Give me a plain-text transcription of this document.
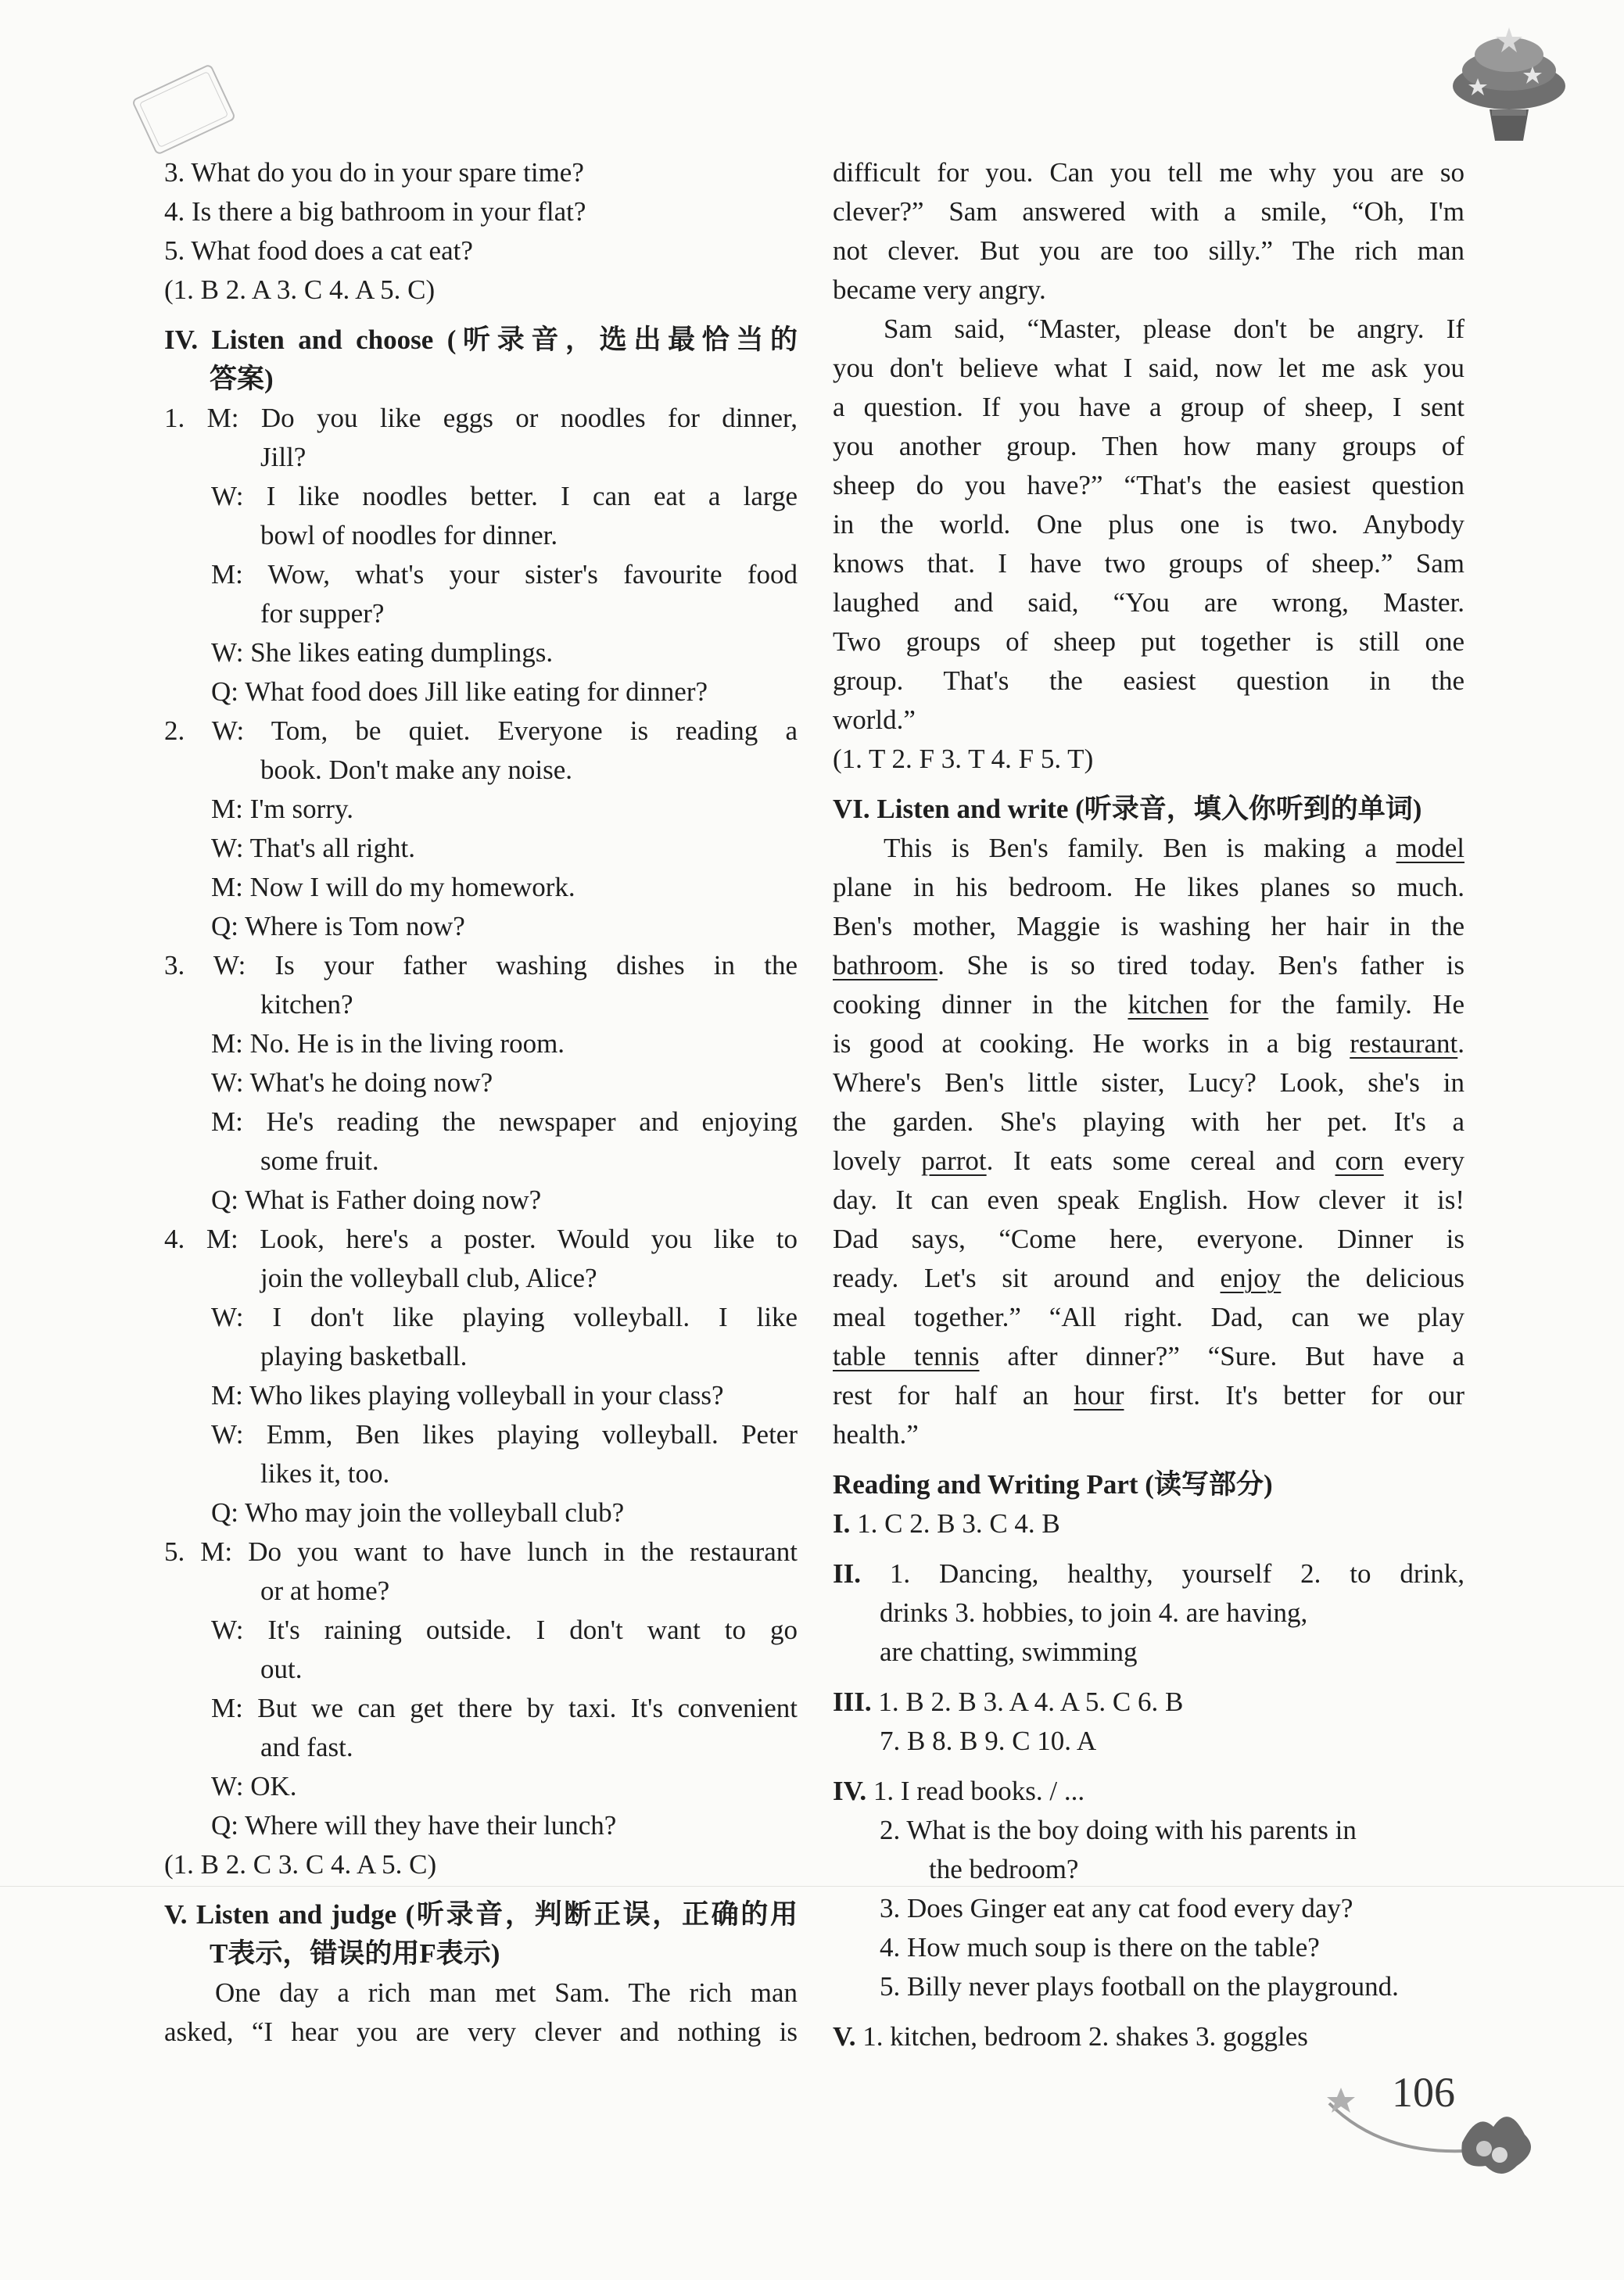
106
3. What do you do in your spare time?
4. Is there a big bathroom in your flat?
5. What food does a cat eat?
(1. B 2. A 3. C 4. A 5. C)
IV. Listen and choose (听录音，选出最恰当的
答案)
1. M: Do you like eggs or noodles for dinner,
Jill?
W: I like noodles better. I can eat a large
bowl of noodles for dinner.
M: Wow, what's your sister's favourite food
for supper?
W: She likes eating dumplings.
Q: What food does Jill like eating for dinner?
2. W: Tom, be quiet. Everyone is reading a
book. Don't make any noise.
M: I'm sorry.
W: That's all right.
M: Now I will do my homework.
Q: Where is Tom now?
3. W: Is your father washing dishes in the
kitchen?
M: No. He is in the living room.
W: What's he doing now?
M: He's reading the newspaper and enjoying
some fruit.
Q: What is Father doing now?
4. M: Look, here's a poster. Would you like to
join the volleyball club, Alice?
W: I don't like playing volleyball. I like
playing basketball.
M: Who likes playing volleyball in your class?
W: Emm, Ben likes playing volleyball. Peter
likes it, too.
Q: Who may join the volleyball club?
5. M: Do you want to have lunch in the restaurant
or at home?
W: It's raining outside. I don't want to go
out.
M: But we can get there by taxi. It's convenient
and fast.
W: OK.
Q: Where will they have their lunch?
(1. B 2. C 3. C 4. A 5. C)
V. Listen and judge (听录音，判断正误，正确的用
T表示，错误的用F表示)
One day a rich man met Sam. The rich man
asked, “I hear you are very clever and nothing is
difficult for you. Can you tell me why you are so
clever?” Sam answered with a smile, “Oh, I'm
not clever. But you are too silly.” The rich man
became very angry.
Sam said, “Master, please don't be angry. If
you don't believe what I said, now let me ask you
a question. If you have a group of sheep, I sent
you another group. Then how many groups of
sheep do you have?” “That's the easiest question
in the world. One plus one is two. Anybody
knows that. I have two groups of sheep.” Sam
laughed and said, “You are wrong, Master.
Two groups of sheep put together is still one
group. That's the easiest question in the
world.”
(1. T 2. F 3. T 4. F 5. T)
VI. Listen and write (听录音，填入你听到的单词)
This is Ben's family. Ben is making a model
plane in his bedroom. He likes planes so much.
Ben's mother, Maggie is washing her hair in the
bathroom. She is so tired today. Ben's father is
cooking dinner in the kitchen for the family. He
is good at cooking. He works in a big restaurant.
Where's Ben's little sister, Lucy? Look, she's in
the garden. She's playing with her pet. It's a
lovely parrot. It eats some cereal and corn every
day. It can even speak English. How clever it is!
Dad says, “Come here, everyone. Dinner is
ready. Let's sit around and enjoy the delicious
meal together.” “All right. Dad, can we play
table tennis after dinner?” “Sure. But have a
rest for half an hour first. It's better for our
health.”
Reading and Writing Part (读写部分)
I. 1. C 2. B 3. C 4. B
II. 1. Dancing, healthy, yourself 2. to drink,
drinks 3. hobbies, to join 4. are having,
are chatting, swimming
III. 1. B 2. B 3. A 4. A 5. C 6. B
7. B 8. B 9. C 10. A
IV. 1. I read books. / ...
2. What is the boy doing with his parents in
the bedroom?
3. Does Ginger eat any cat food every day?
4. How much soup is there on the table?
5. Billy never plays football on the playground.
V. 1. kitchen, bedroom 2. shakes 3. goggles
